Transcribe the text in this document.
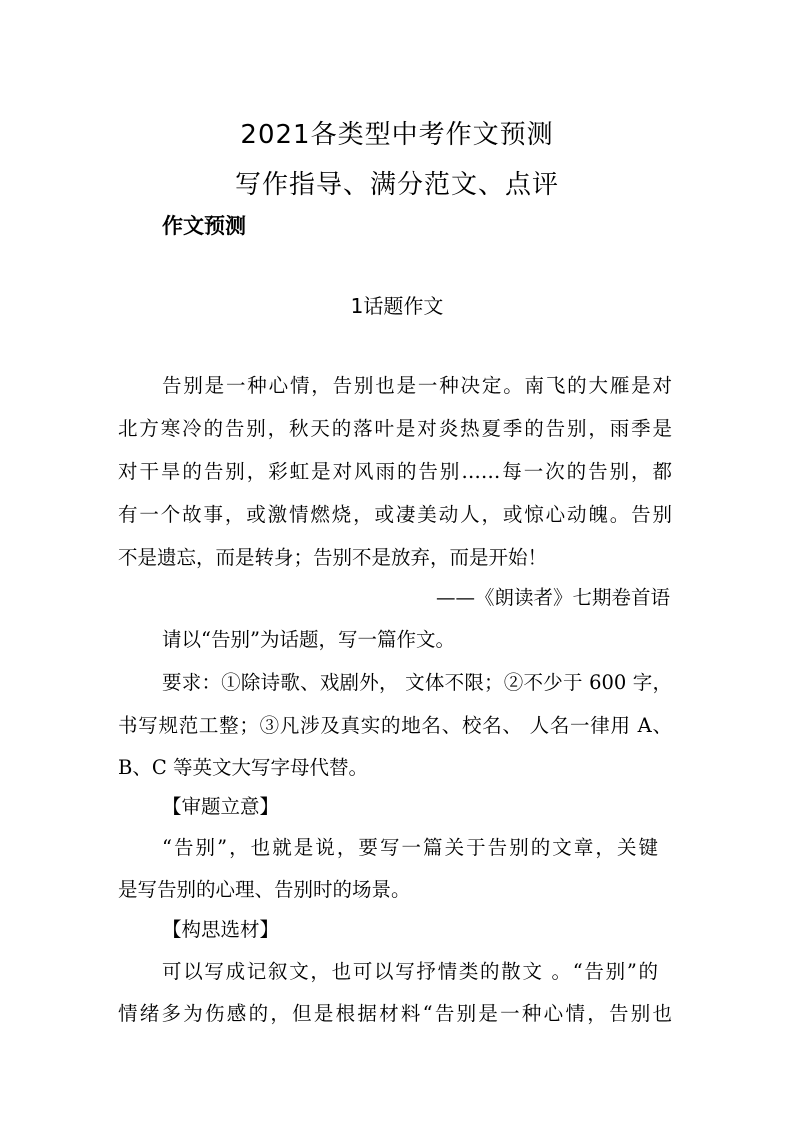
2021各类型中考作文预测
写作指导、满分范文、点评
作文预测
1话题作文
告别是一种心情，告别也是一种决定。南飞的大雁是对
北方寒冷的告别，秋天的落叶是对炎热夏季的告别，雨季是
对干旱的告别，彩虹是对风雨的告别……每一次的告别，都
有一个故事，或激情燃烧，或凄美动人，或惊心动魄。告别
不是遗忘，而是转身；告别不是放弃，而是开始！
——《朗读者》七期卷首语
请以“告别”为话题，写一篇作文。
要求：①除诗歌、戏剧外， 文体不限；②不少于 600 字，
书写规范工整；③凡涉及真实的地名、校名、 人名一律用 A、
B、C 等英文大写字母代替。
【审题立意】
“告别”，也就是说，要写一篇关于告别的文章，关键
是写告别的心理、告别时的场景。
【构思选材】
可以写成记叙文，也可以写抒情类的散文 。“告别”的
情绪多为伤感的，但是根据材料“告别是一种心情，告别也
